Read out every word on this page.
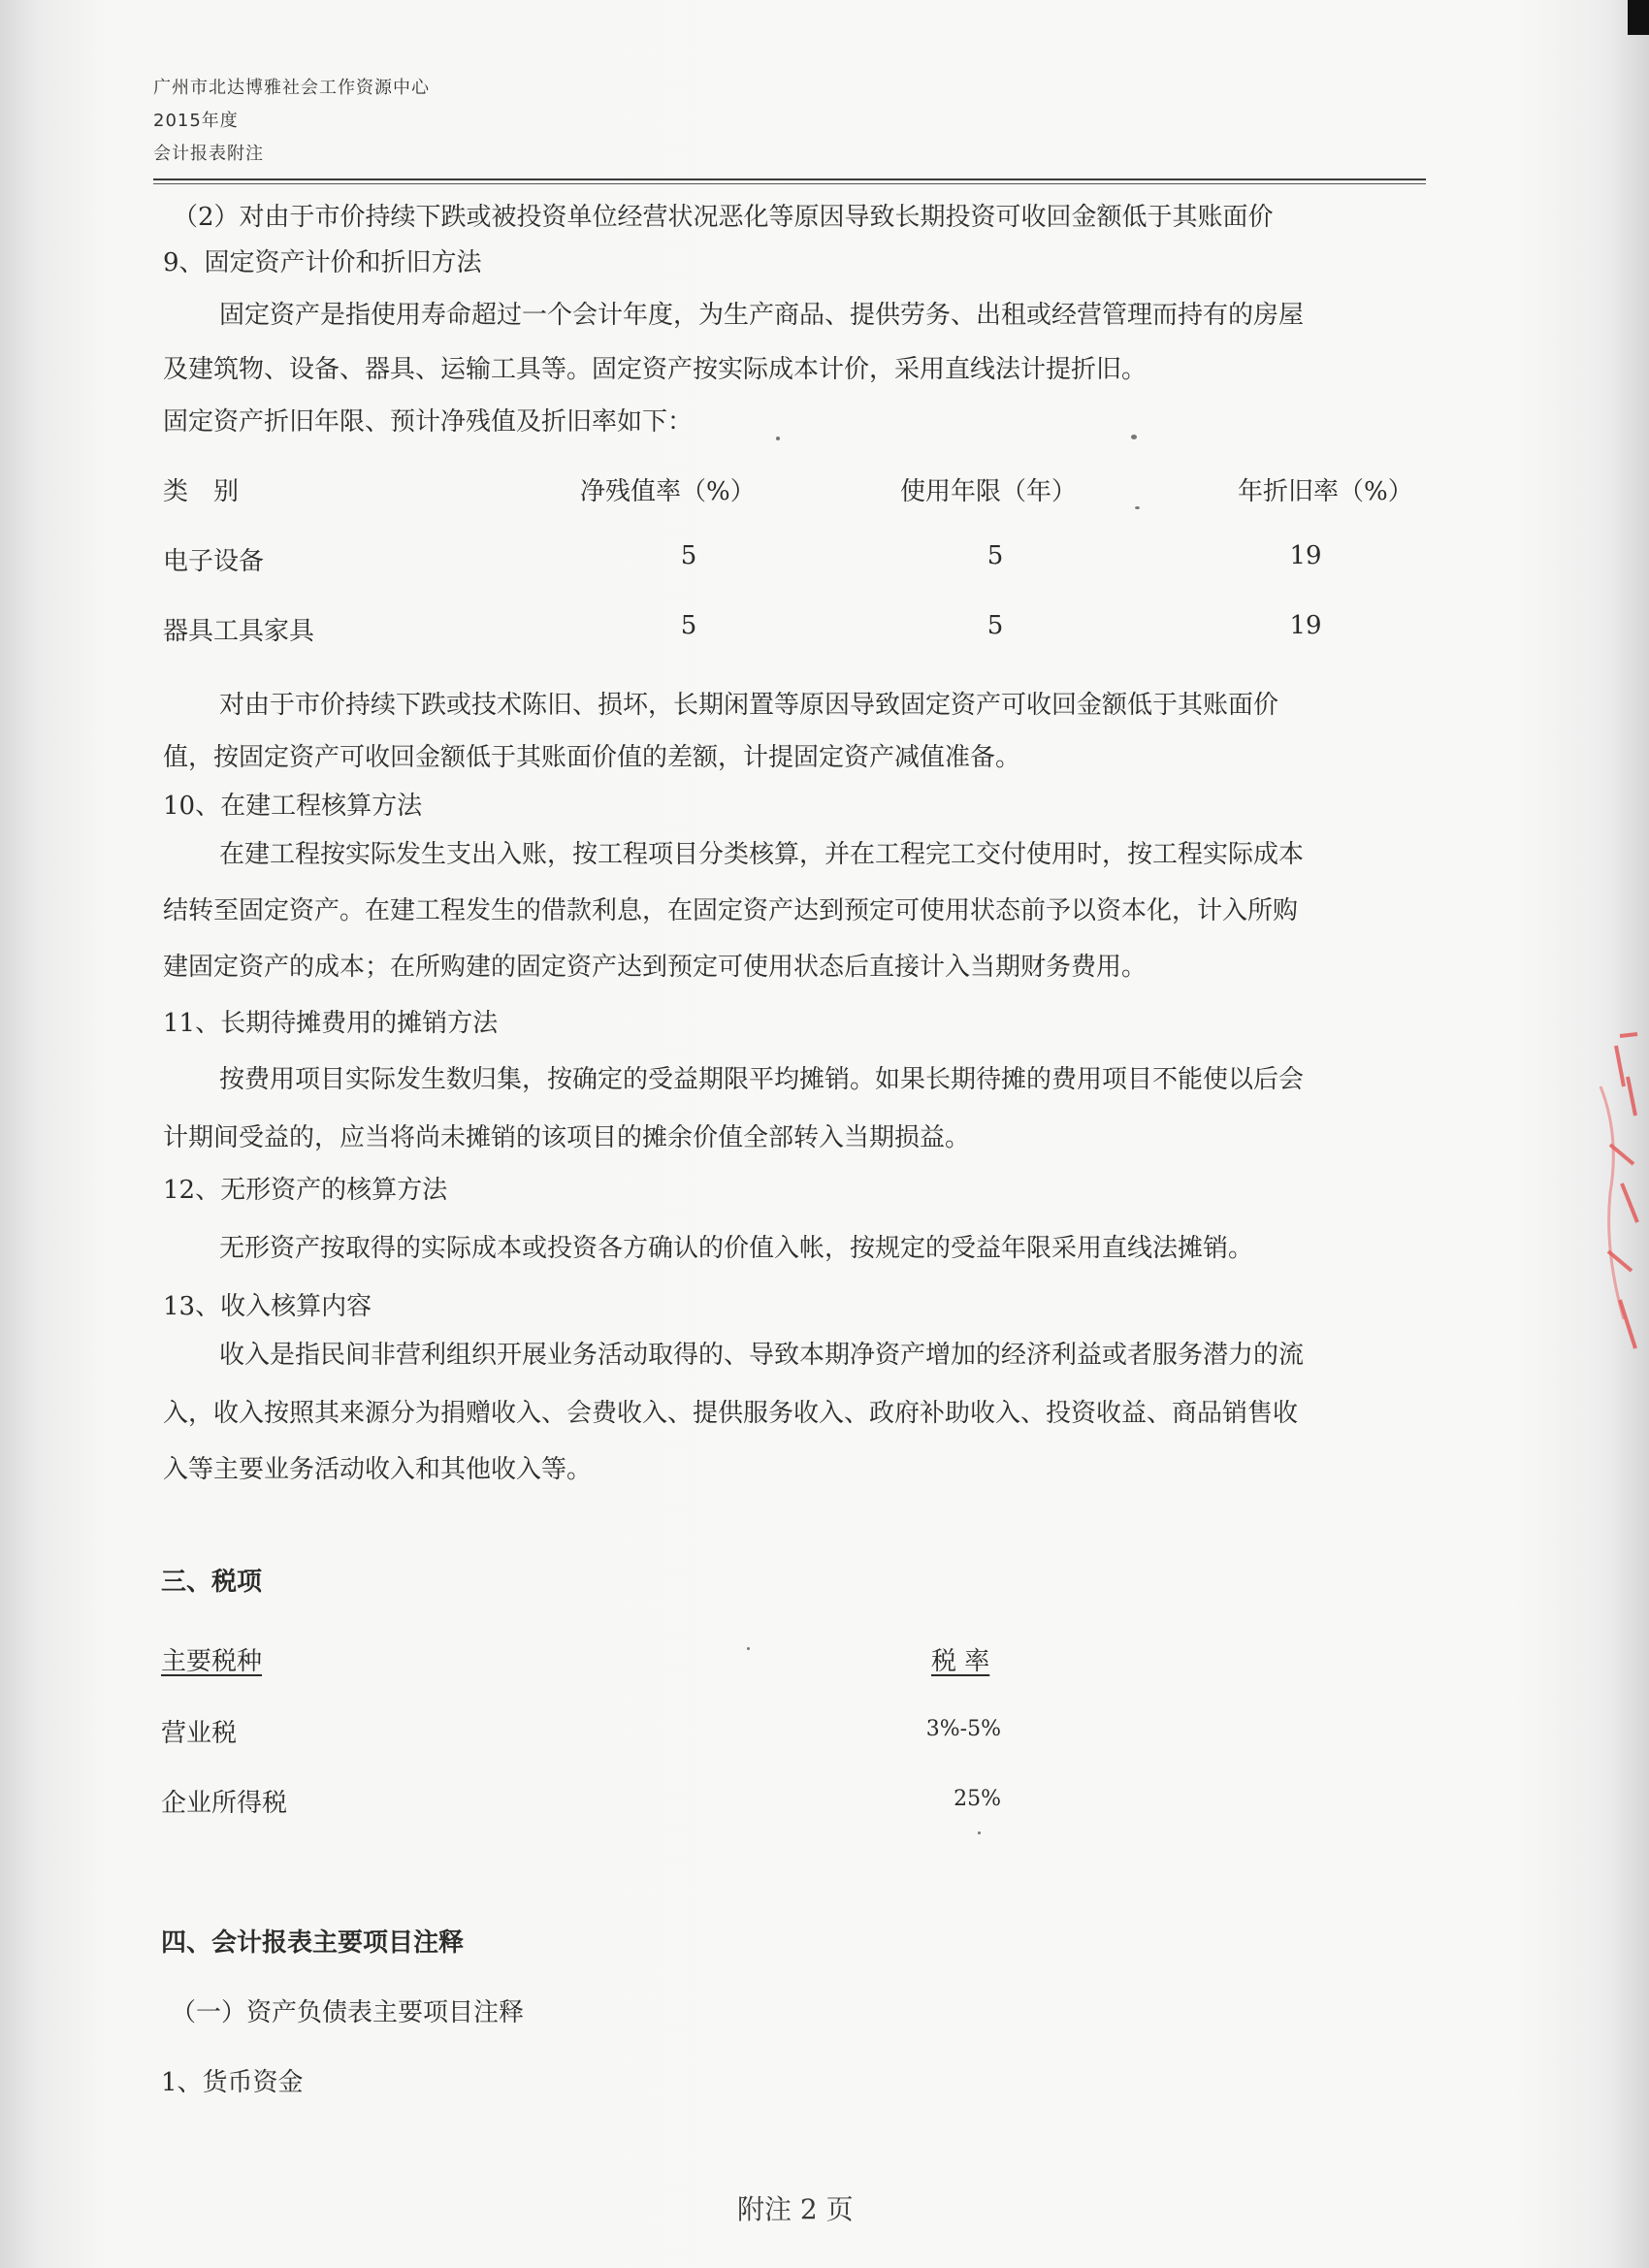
广州市北达博雅社会工作资源中心
2015年度
会计报表附注
（2）对由于市价持续下跌或被投资单位经营状况恶化等原因导致长期投资可收回金额低于其账面价
9、固定资产计价和折旧方法
固定资产是指使用寿命超过一个会计年度，为生产商品、提供劳务、出租或经营管理而持有的房屋
及建筑物、设备、器具、运输工具等。固定资产按实际成本计价，采用直线法计提折旧。
固定资产折旧年限、预计净残值及折旧率如下：
类　别	净残值率（%）	使用年限（年）	年折旧率（%）
电子设备	5	5	19
器具工具家具	5	5	19
对由于市价持续下跌或技术陈旧、损坏，长期闲置等原因导致固定资产可收回金额低于其账面价
值，按固定资产可收回金额低于其账面价值的差额，计提固定资产减值准备。
10、在建工程核算方法
在建工程按实际发生支出入账，按工程项目分类核算，并在工程完工交付使用时，按工程实际成本
结转至固定资产。在建工程发生的借款利息，在固定资产达到预定可使用状态前予以资本化，计入所购
建固定资产的成本；在所购建的固定资产达到预定可使用状态后直接计入当期财务费用。
11、长期待摊费用的摊销方法
按费用项目实际发生数归集，按确定的受益期限平均摊销。如果长期待摊的费用项目不能使以后会
计期间受益的，应当将尚未摊销的该项目的摊余价值全部转入当期损益。
12、无形资产的核算方法
无形资产按取得的实际成本或投资各方确认的价值入帐，按规定的受益年限采用直线法摊销。
13、收入核算内容
收入是指民间非营利组织开展业务活动取得的、导致本期净资产增加的经济利益或者服务潜力的流
入，收入按照其来源分为捐赠收入、会费收入、提供服务收入、政府补助收入、投资收益、商品销售收
入等主要业务活动收入和其他收入等。
三、税项
主要税种	税 率
营业税	3%-5%
企业所得税	25%
四、会计报表主要项目注释
（一）资产负债表主要项目注释
1、货币资金
附注 2 页
